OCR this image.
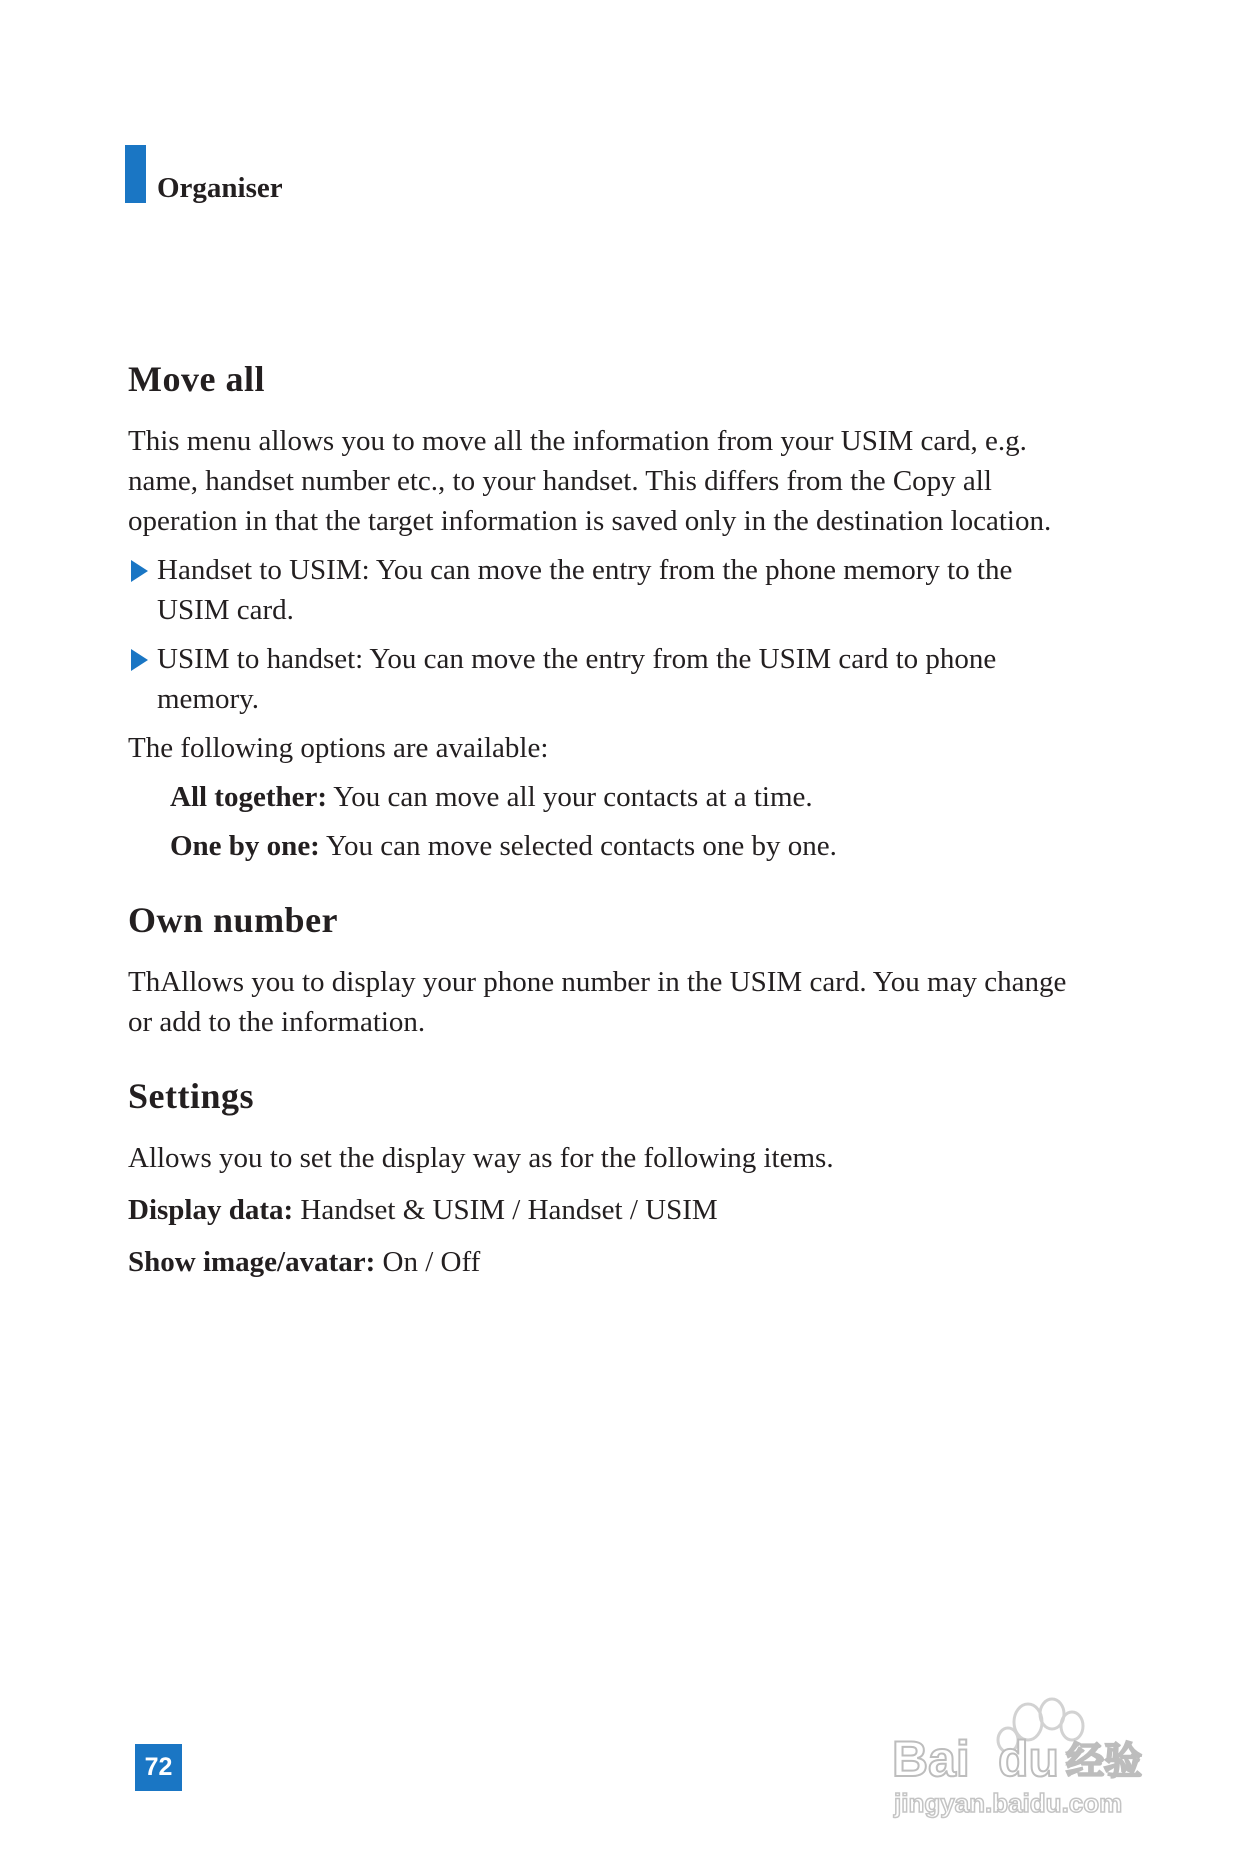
Organiser
Move all

This menu allows you to move all the information from your USIM card, e.g. name, handset number etc., to your handset. This differs from the Copy all operation in that the target information is saved only in the destination location.

Handset to USIM: You can move the entry from the phone memory to the USIM card.

USIM to handset: You can move the entry from the USIM card to phone memory.

The following options are available:

All together: You can move all your contacts at a time.

One by one: You can move selected contacts one by one.

Own number

ThAllows you to display your phone number in the USIM card. You may change or add to the information.

Settings

Allows you to set the display way as for the following items.

Display data: Handset & USIM / Handset / USIM

Show image/avatar: On / Off

72	Bai du 经验
jingyan.baidu.com
